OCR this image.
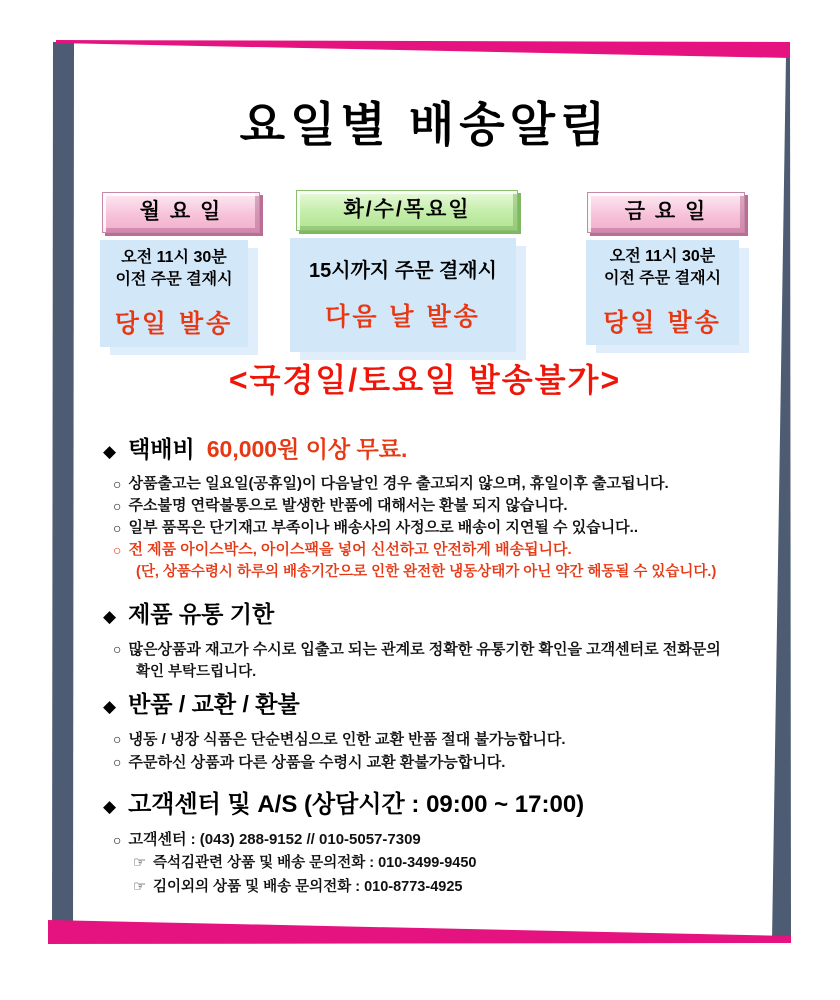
요일별 배송알림
월 요 일	화/수/목요일	금 요 일
오전 11시 30분
이전 주문 결재시
당일 발송
15시까지 주문 결재시
다음 날 발송
오전 11시 30분
이전 주문 결재시
당일 발송
<국경일/토요일 발송불가>
◆ 택배비 60,000원 이상 무료.
○ 상품출고는 일요일(공휴일)이 다음날인 경우 출고되지 않으며, 휴일이후 출고됩니다.
○ 주소불명 연락불통으로 발생한 반품에 대해서는 환불 되지 않습니다.
○ 일부 품목은 단기재고 부족이나 배송사의 사정으로 배송이 지연될 수 있습니다..
○ 전 제품 아이스박스, 아이스팩을 넣어 신선하고 안전하게 배송됩니다.
(단, 상품수령시 하루의 배송기간으로 인한 완전한 냉동상태가 아닌 약간 해동될 수 있습니다.)
◆ 제품 유통 기한
○ 많은상품과 재고가 수시로 입출고 되는 관계로 정확한 유통기한 확인을 고객센터로 전화문의
확인 부탁드립니다.
◆ 반품 / 교환 / 환불
○ 냉동 / 냉장 식품은 단순변심으로 인한 교환 반품 절대 불가능합니다.
○ 주문하신 상품과 다른 상품을 수령시 교환 환불가능합니다.
◆ 고객센터 및 A/S (상담시간 : 09:00 ~ 17:00)
○ 고객센터 : (043) 288-9152 // 010-5057-7309
☞ 즉석김관련 상품 및 배송 문의전화 : 010-3499-9450
☞ 김이외의 상품 및 배송 문의전화 : 010-8773-4925
